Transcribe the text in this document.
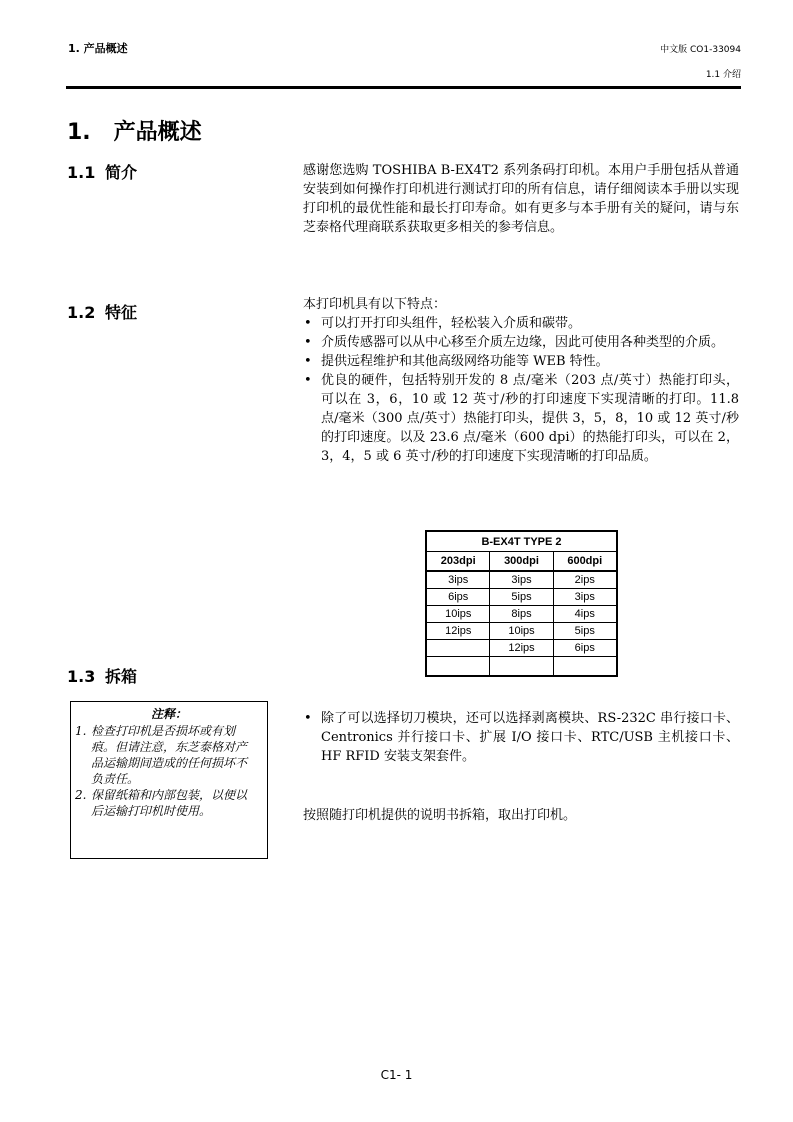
1. 产品概述	中文版 CO1-33094
1.1 介绍
1.   产品概述
1.1 简介	感谢您选购 TOSHIBA B-EX4T2 系列条码打印机。本用户手册包括从普通安装到如何操作打印机进行测试打印的所有信息，请仔细阅读本手册以实现打印机的最优性能和最长打印寿命。如有更多与本手册有关的疑问，请与东芝泰格代理商联系获取更多相关的参考信息。
1.2 特征	本打印机具有以下特点：
• 可以打开打印头组件，轻松装入介质和碳带。
• 介质传感器可以从中心移至介质左边缘，因此可使用各种类型的介质。
• 提供远程维护和其他高级网络功能等 WEB 特性。
• 优良的硬件，包括特别开发的 8 点/毫米（203 点/英寸）热能打印头，可以在 3，6，10 或 12 英寸/秒的打印速度下实现清晰的打印。11.8 点/毫米（300 点/英寸）热能打印头，提供 3，5，8，10 或 12 英寸/秒的打印速度。以及 23.6 点/毫米（600 dpi）的热能打印头，可以在 2，3，4，5 或 6 英寸/秒的打印速度下实现清晰的打印品质。
B-EX4T TYPE 2		
203dpi	300dpi	600dpi
3ips	3ips	2ips
6ips	5ips	3ips
10ips	8ips	4ips
12ips	10ips	5ips
	12ips	6ips

1.3 拆箱
注释：
1. 检查打印机是否损坏或有划痕。但请注意，东芝泰格对产品运输期间造成的任何损坏不负责任。
2. 保留纸箱和内部包装，以便以后运输打印机时使用。
• 除了可以选择切刀模块，还可以选择剥离模块、RS-232C 串行接口卡、Centronics 并行接口卡、扩展 I/O 接口卡、RTC/USB 主机接口卡、HF RFID 安装支架套件。
按照随打印机提供的说明书拆箱，取出打印机。
C1- 1
